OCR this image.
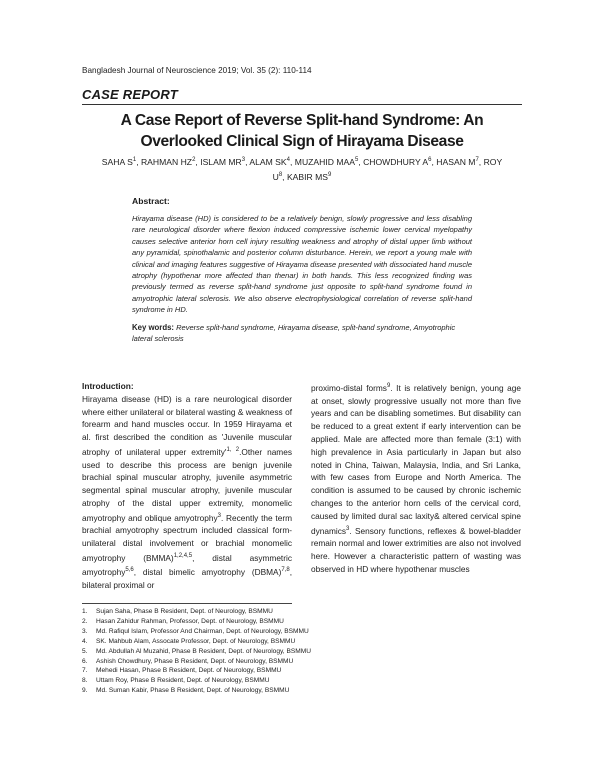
Bangladesh Journal of Neuroscience 2019; Vol. 35 (2): 110-114
CASE REPORT
A Case Report of Reverse Split-hand Syndrome: An Overlooked Clinical Sign of Hirayama Disease
SAHA $S^1$, RAHMAN $HZ^2$, ISLAM $MR^3$, ALAM $SK^4$, MUZAHID MAA$^5$, CHOWDHURY $A^6$, HASAN $M^7$, ROY $U^8$, KABIR $MS^9$
Abstract:
Hirayama disease (HD) is considered to be a relatively benign, slowly progressive and less disabling rare neurological disorder where flexion induced compressive ischemic lower cervical myelopathy causes selective anterior horn cell injury resulting weakness and atrophy of distal upper limb without any pyramidal, spinothalamic and posterior column disturbance. Herein, we report a young male with clinical and imaging features suggestive of Hirayama disease presented with dissociated hand muscle atrophy (hypothenar more affected than thenar) in both hands. This less recognized finding was previously termed as reverse split-hand syndrome just opposite to split-hand syndrome found in amyotrophic lateral sclerosis. We also observe electrophysiological correlation of reverse split-hand syndrome in HD.
Key words: Reverse split-hand syndrome, Hirayama disease, split-hand syndrome, Amyotrophic lateral sclerosis
Introduction:
Hirayama disease (HD) is a rare neurological disorder where either unilateral or bilateral wasting & weakness of forearm and hand muscles occur. In 1959 Hirayama et al. first described the condition as 'Juvenile muscular atrophy of unilateral upper $extremity'^{1, 2}.Other$ names used to describe this process are benign juvenile brachial spinal muscular atrophy, juvenile asymmetric segmental spinal muscular atrophy, juvenile muscular atrophy of the distal upper extremity, monomelic amyotrophy and oblique amyotrophy$^3$. Recently the term brachial amyotrophy spectrum included classical form-unilateral distal involvement or brachial monomelic amyotrophy (BMMA)$^{1,2,4,5}$, distal asymmetric amyotrophy$^{5,6}$, distal bimelic amyotrophy (DBMA)$^{7,8}$, bilateral proximal or
proximo-distal forms$^9$. It is relatively benign, young age at onset, slowly progressive usually not more than five years and can be disabling sometimes. But disability can be reduced to a great extent if early intervention can be applied. Male are affected more than female (3:1) with high prevalence in Asia particularly in Japan but also noted in China, Taiwan, Malaysia, India, and Sri Lanka, with few cases from Europe and North America. The condition is assumed to be caused by chronic ischemic changes to the anterior horn cells of the cervical cord, caused by limited dural sac laxity& altered cervical spine dynamics$^3$. Sensory functions, reflexes & bowel-bladder remain normal and lower extrimities are also not involved here. However a characteristic pattern of wasting was observed in HD where hypothenar muscles
1.	Sujan Saha, Phase B Resident, Dept. of Neurology, BSMMU
2.	Hasan Zahidur Rahman, Professor, Dept. of Neurology, BSMMU
3.	Md. Rafiqul Islam, Professor And Chairman, Dept. of Neurology, BSMMU
4.	SK. Mahbub Alam, Assocate Professor, Dept. of Neurology, BSMMU
5.	Md. Abdullah Al Muzahid, Phase B Resident, Dept. of Neurology, BSMMU
6.	Ashish Chowdhury, Phase B Resident, Dept. of Neurology, BSMMU
7.	Mehedi Hasan, Phase B Resident, Dept. of Neurology, BSMMU
8.	Uttam Roy, Phase B Resident, Dept. of Neurology, BSMMU
9.	Md. Suman Kabir, Phase B Resident, Dept. of Neurology, BSMMU
